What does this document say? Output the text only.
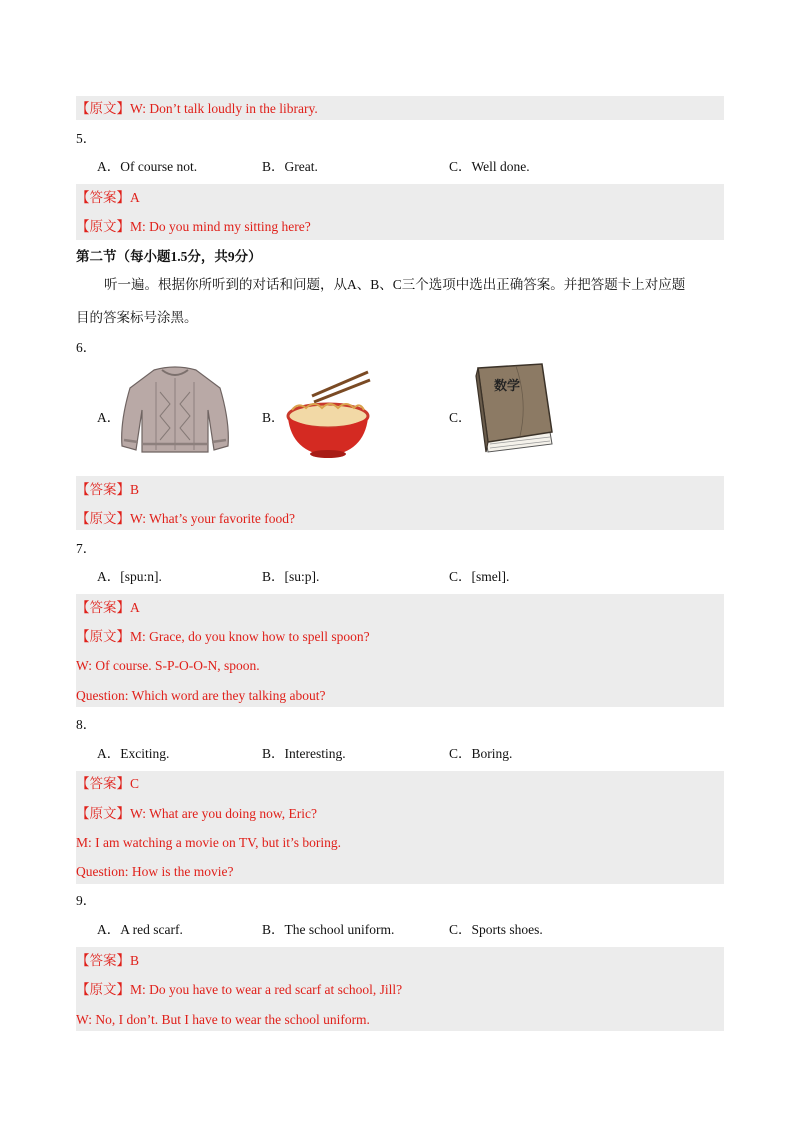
【原文】W: Don’t talk loudly in the library.
5．
A．Of course not.	B．Great.	C．Well done.
【答案】A
【原文】M: Do you mind my sitting here?
第二节（每小题1.5分，共9分）
听一遍。根据你所听到的对话和问题，从A、B、C三个选项中选出正确答案。并把答题卡上对应题
目的答案标号涂黑。
6．
A．	B．	C．
数学
【答案】B
【原文】W: What’s your favorite food?
7．
A．[spu:n].	B．[su:p].	C．[smel].
【答案】A
【原文】M: Grace, do you know how to spell spoon?
W: Of course. S-P-O-O-N, spoon.
Question: Which word are they talking about?
8．
A．Exciting.	B．Interesting.	C．Boring.
【答案】C
【原文】W: What are you doing now, Eric?
M: I am watching a movie on TV, but it’s boring.
Question: How is the movie?
9．
A．A red scarf.	B．The school uniform.	C．Sports shoes.
【答案】B
【原文】M: Do you have to wear a red scarf at school, Jill?
W: No, I don’t. But I have to wear the school uniform.
